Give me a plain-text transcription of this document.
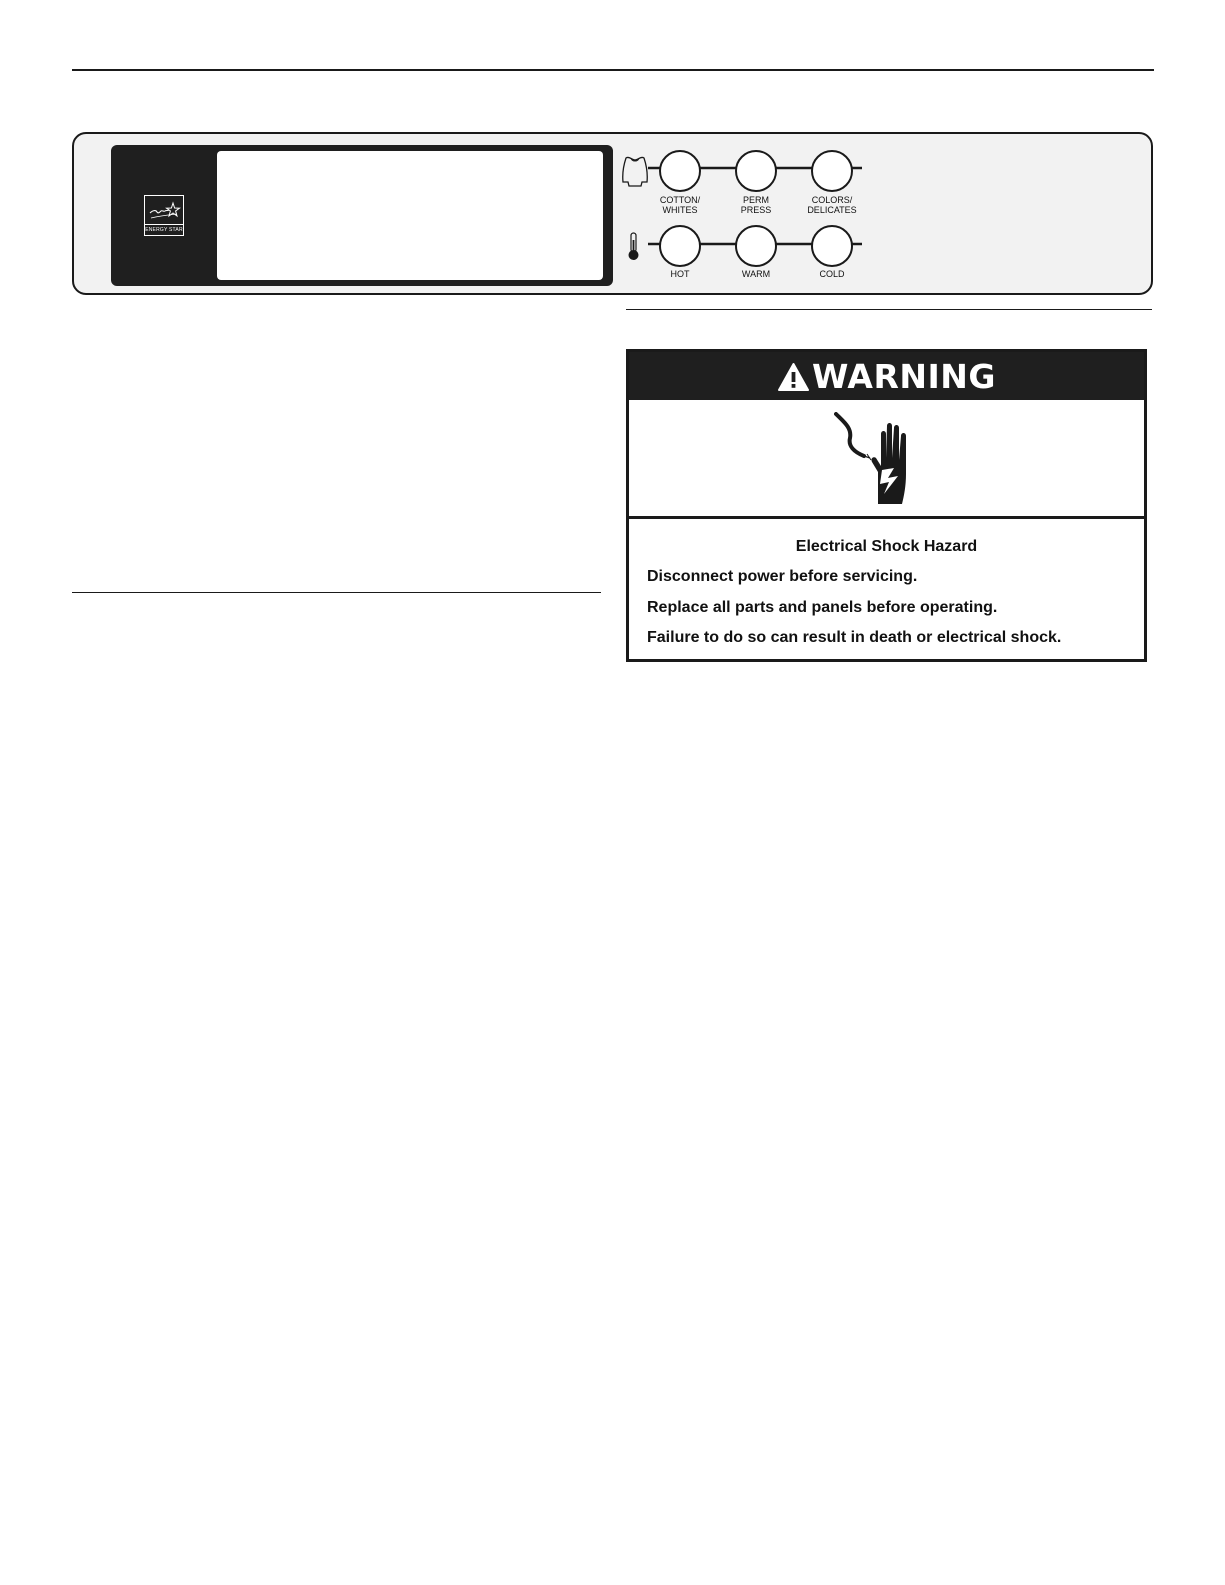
ENERGY STAR
COTTON/
WHITES
PERM
PRESS
COLORS/
DELICATES
HOT	WARM	COLD
WARNING
Electrical Shock Hazard
Disconnect power before servicing.
Replace all parts and panels before operating.
Failure to do so can result in death or electrical shock.
